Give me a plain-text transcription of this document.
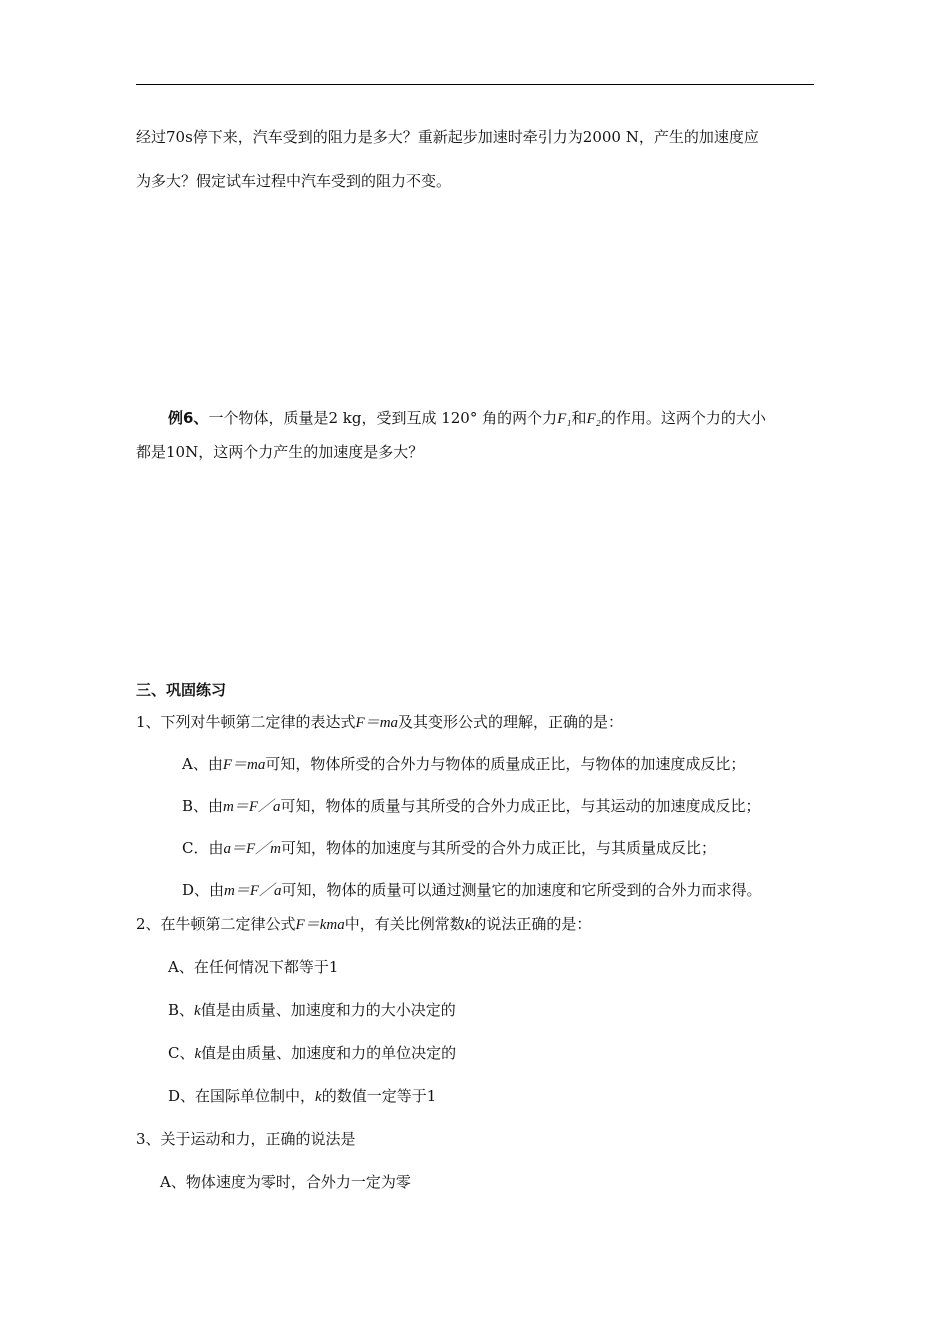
经过70s停下来，汽车受到的阻力是多大？重新起步加速时牵引力为2000 N，产生的加速度应
为多大？假定试车过程中汽车受到的阻力不变。
例6、一个物体，质量是2 kg，受到互成 120° 角的两个力F₁和F₂的作用。这两个力的大小
都是10N，这两个力产生的加速度是多大？
三、巩固练习
1、下列对牛顿第二定律的表达式F＝ma及其变形公式的理解，正确的是：
A、由F＝ma可知，物体所受的合外力与物体的质量成正比，与物体的加速度成反比；
B、由m＝F／a可知，物体的质量与其所受的合外力成正比，与其运动的加速度成反比；
C．由a＝F／m可知，物体的加速度与其所受的合外力成正比，与其质量成反比；
D、由m＝F／a可知，物体的质量可以通过测量它的加速度和它所受到的合外力而求得。
2、在牛顿第二定律公式F＝kma中，有关比例常数k的说法正确的是：
A、在任何情况下都等于1
B、k值是由质量、加速度和力的大小决定的
C、k值是由质量、加速度和力的单位决定的
D、在国际单位制中，k的数值一定等于1
3、关于运动和力，正确的说法是
A、物体速度为零时，合外力一定为零
